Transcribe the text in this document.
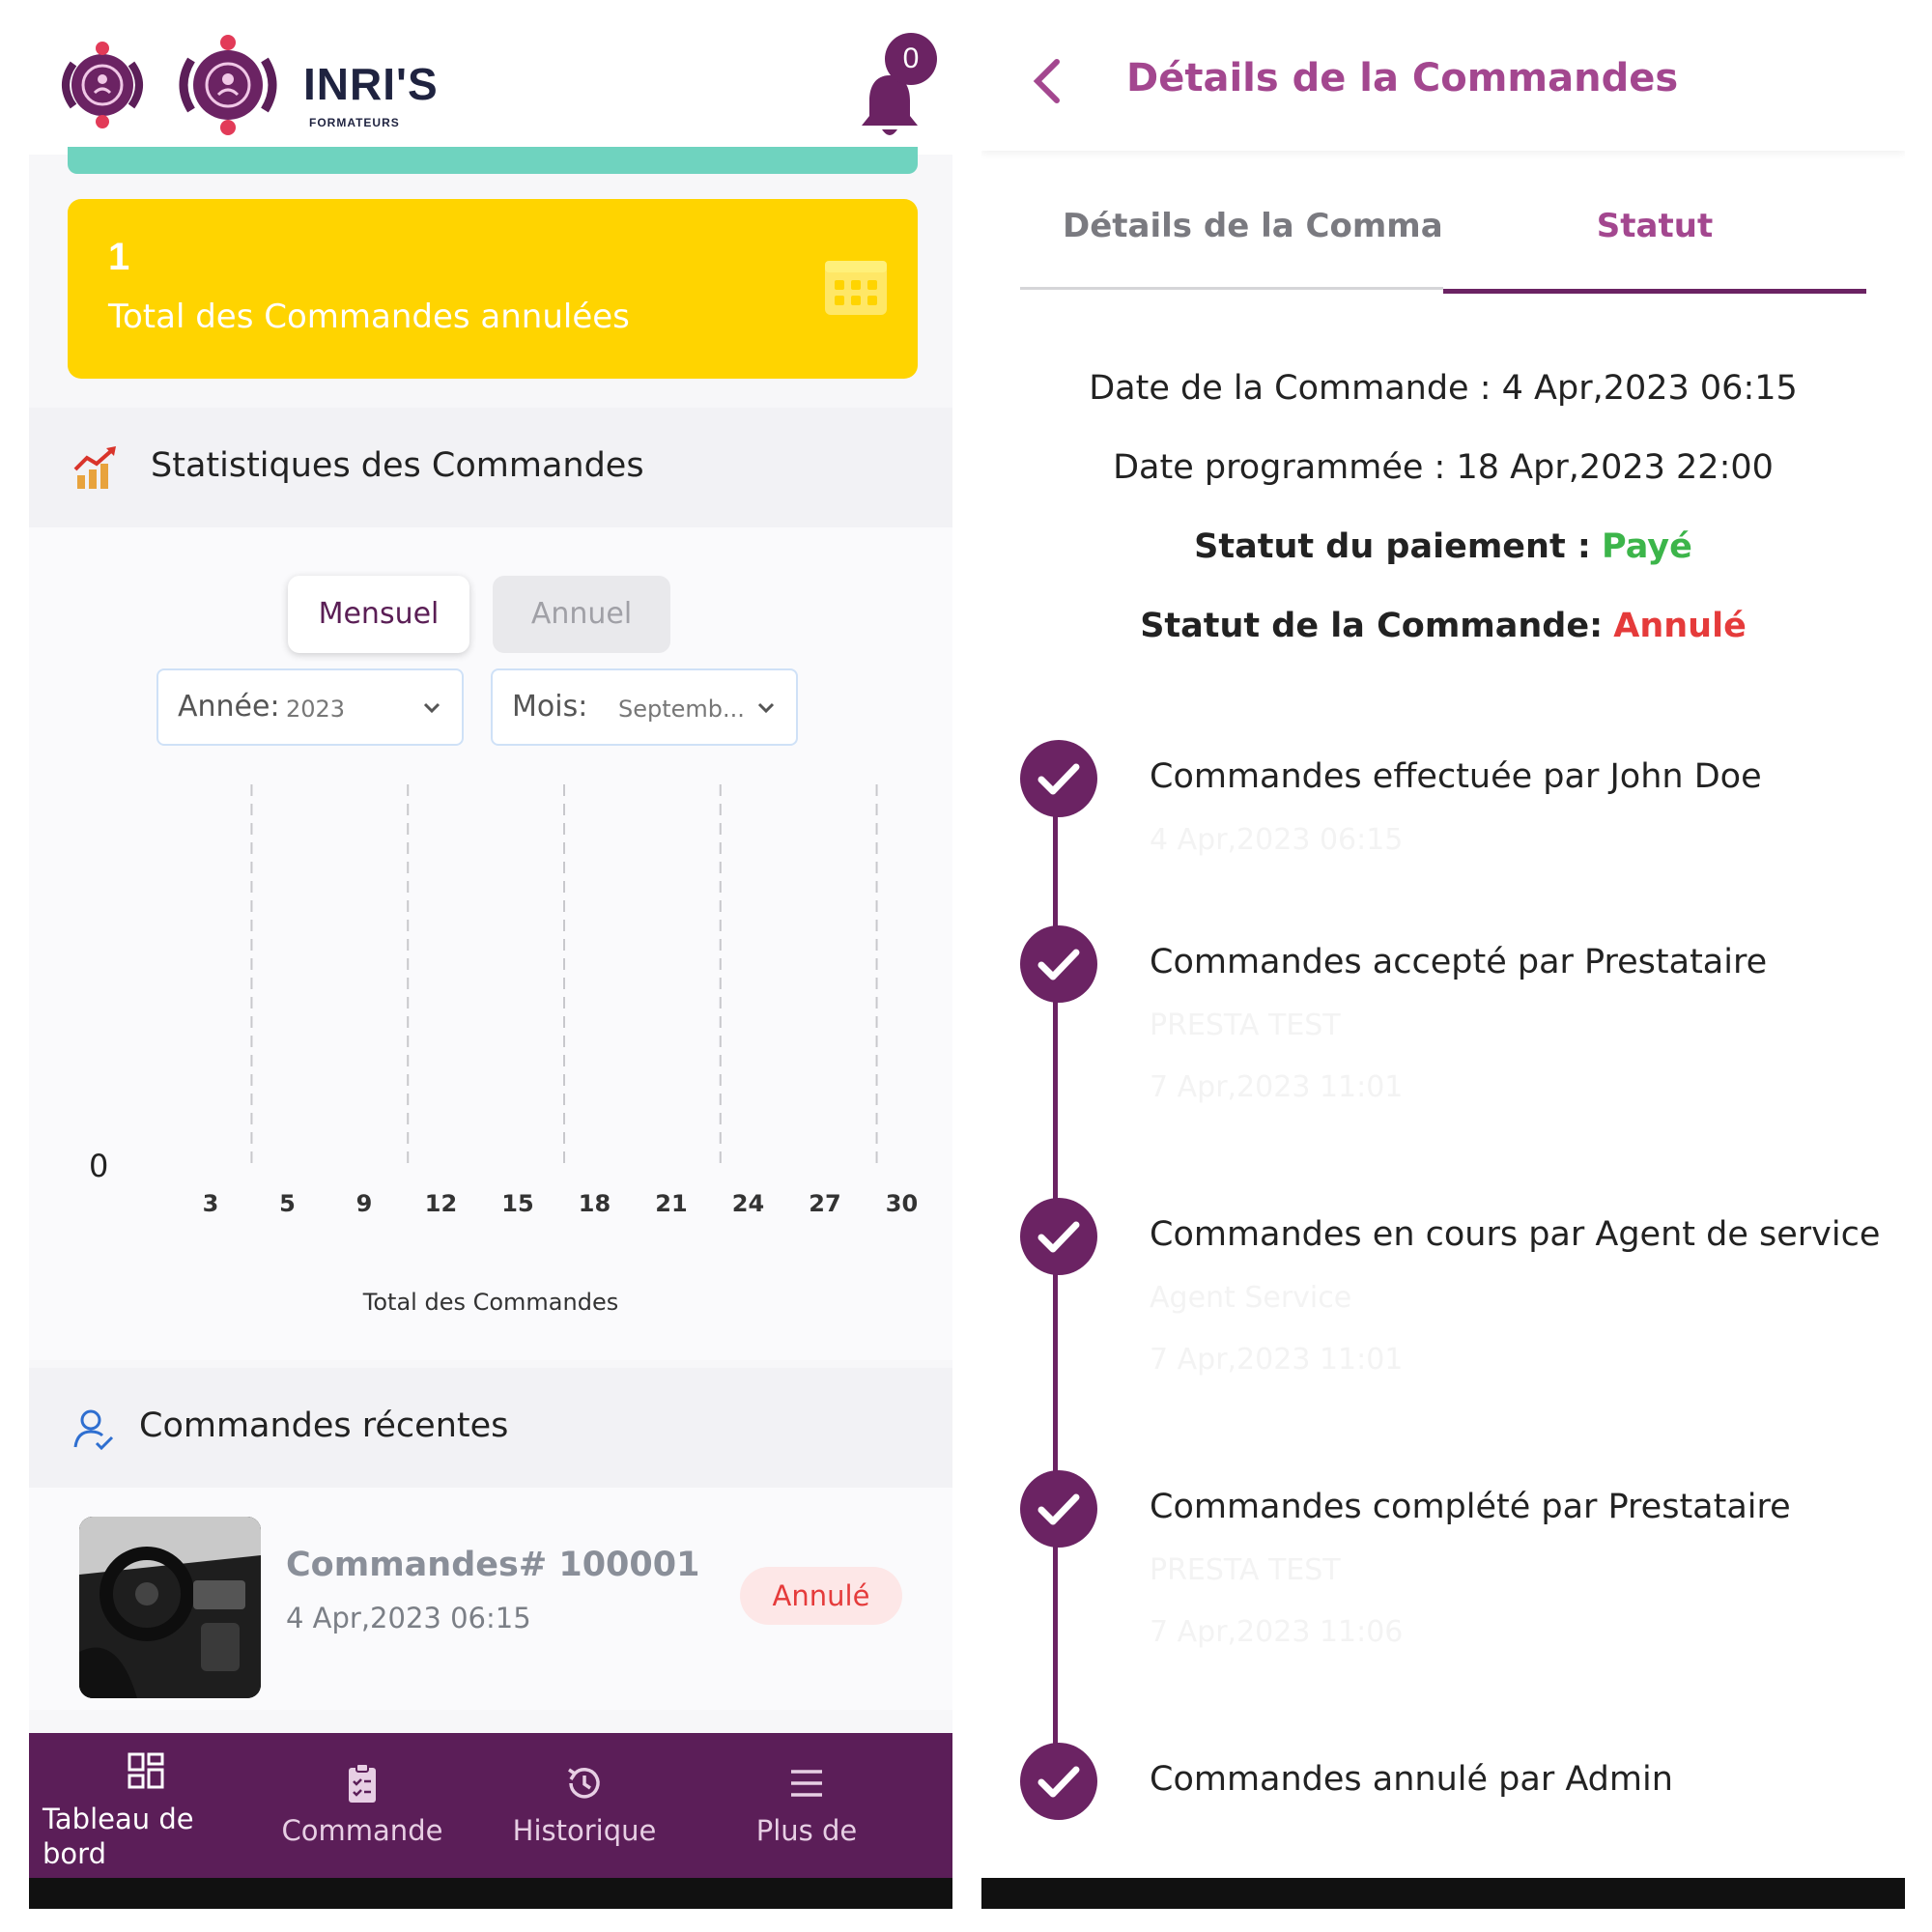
INRI'S
FORMATEURS
0
1
Total des Commandes annulées
Statistiques des Commandes
Mensuel	Annuel
Année: 2023	Mois: Septemb...
0
3	5	9 12 15 18 21 24 27 30
Total des Commandes
Commandes récentes
Commandes# 100001
4 Apr,2023 06:15
Annulé
Tableau de
bord
Commande	Historique	Plus de
Détails de la Commandes
Détails de la Comma	Statut
Date de la Commande : 4 Apr,2023 06:15
Date programmée : 18 Apr,2023 22:00
Statut du paiement : Payé
Statut de la Commande: Annulé
Commandes effectuée par John Doe
4 Apr,2023 06:15
Commandes accepté par Prestataire
PRESTA TEST
7 Apr,2023 11:01
Commandes en cours par Agent de service
Agent Service
7 Apr,2023 11:01
Commandes complété par Prestataire
PRESTA TEST
7 Apr,2023 11:06
Commandes annulé par Admin
